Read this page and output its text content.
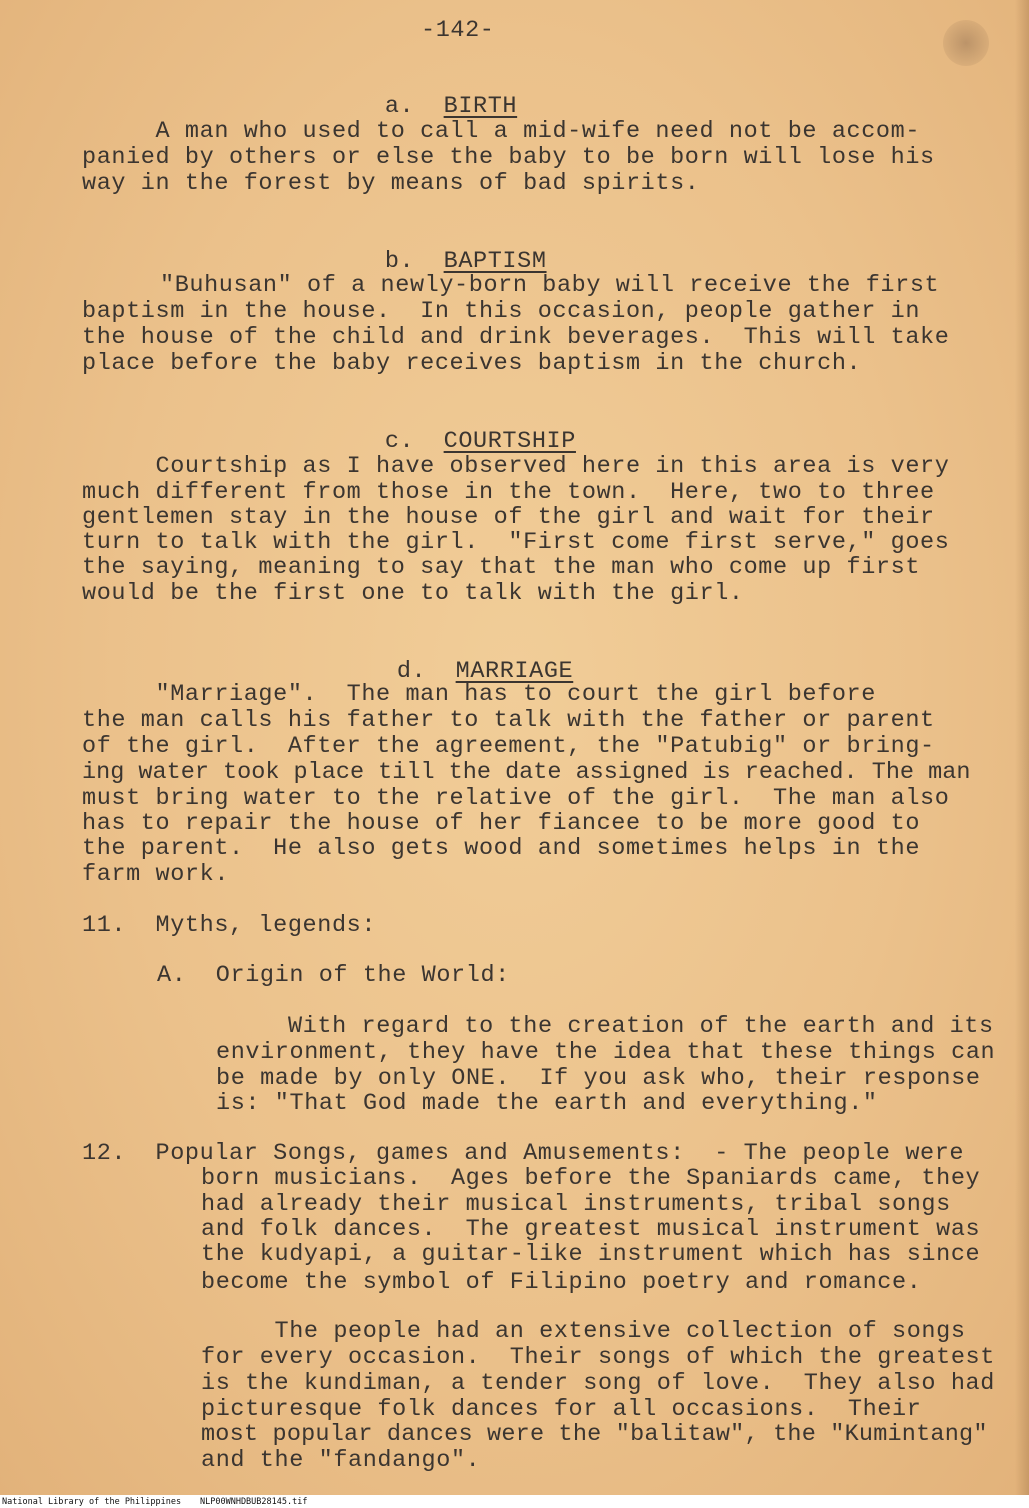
-142-

a. BIRTH

A man who used to call a mid-wife need not be accom-
panied by others or else the baby to be born will lose his
way in the forest by means of bad spirits.

b. BAPTISM

"Buhusan" of a newly-born baby will receive the first
baptism in the house.  In this occasion, people gather in
the house of the child and drink beverages.  This will take
place before the baby receives baptism in the church.

c. COURTSHIP

Courtship as I have observed here in this area is very
much different from those in the town.  Here, two to three
gentlemen stay in the house of the girl and wait for their
turn to talk with the girl.  "First come first serve," goes
the saying, meaning to say that the man who come up first
would be the first one to talk with the girl.

d. MARRIAGE

"Marriage".  The man has to court the girl before
the man calls his father to talk with the father or parent
of the girl.  After the agreement, the "Patubig" or bring-
ing water took place till the date assigned is reached. The man
must bring water to the relative of the girl.  The man also
has to repair the house of her fiancee to be more good to
the parent.  He also gets wood and sometimes helps in the
farm work.
11.  Myths, legends:
A.  Origin of the World:
With regard to the creation of the earth and its
environment, they have the idea that these things can
be made by only ONE.  If you ask who, their response
is: "That God made the earth and everything."
12.  Popular Songs, games and Amusements:  - The people were
born musicians.  Ages before the Spaniards came, they
had already their musical instruments, tribal songs
and folk dances.  The greatest musical instrument was
the kudyapi, a guitar-like instrument which has since
become the symbol of Filipino poetry and romance.
The people had an extensive collection of songs
for every occasion.  Their songs of which the greatest
is the kundiman, a tender song of love.  They also had
picturesque folk dances for all occasions.  Their
most popular dances were the "balitaw", the "Kumintang"
and the "fandango".
National Library of the Philippines NLP00WNHDBUB28145.tif
